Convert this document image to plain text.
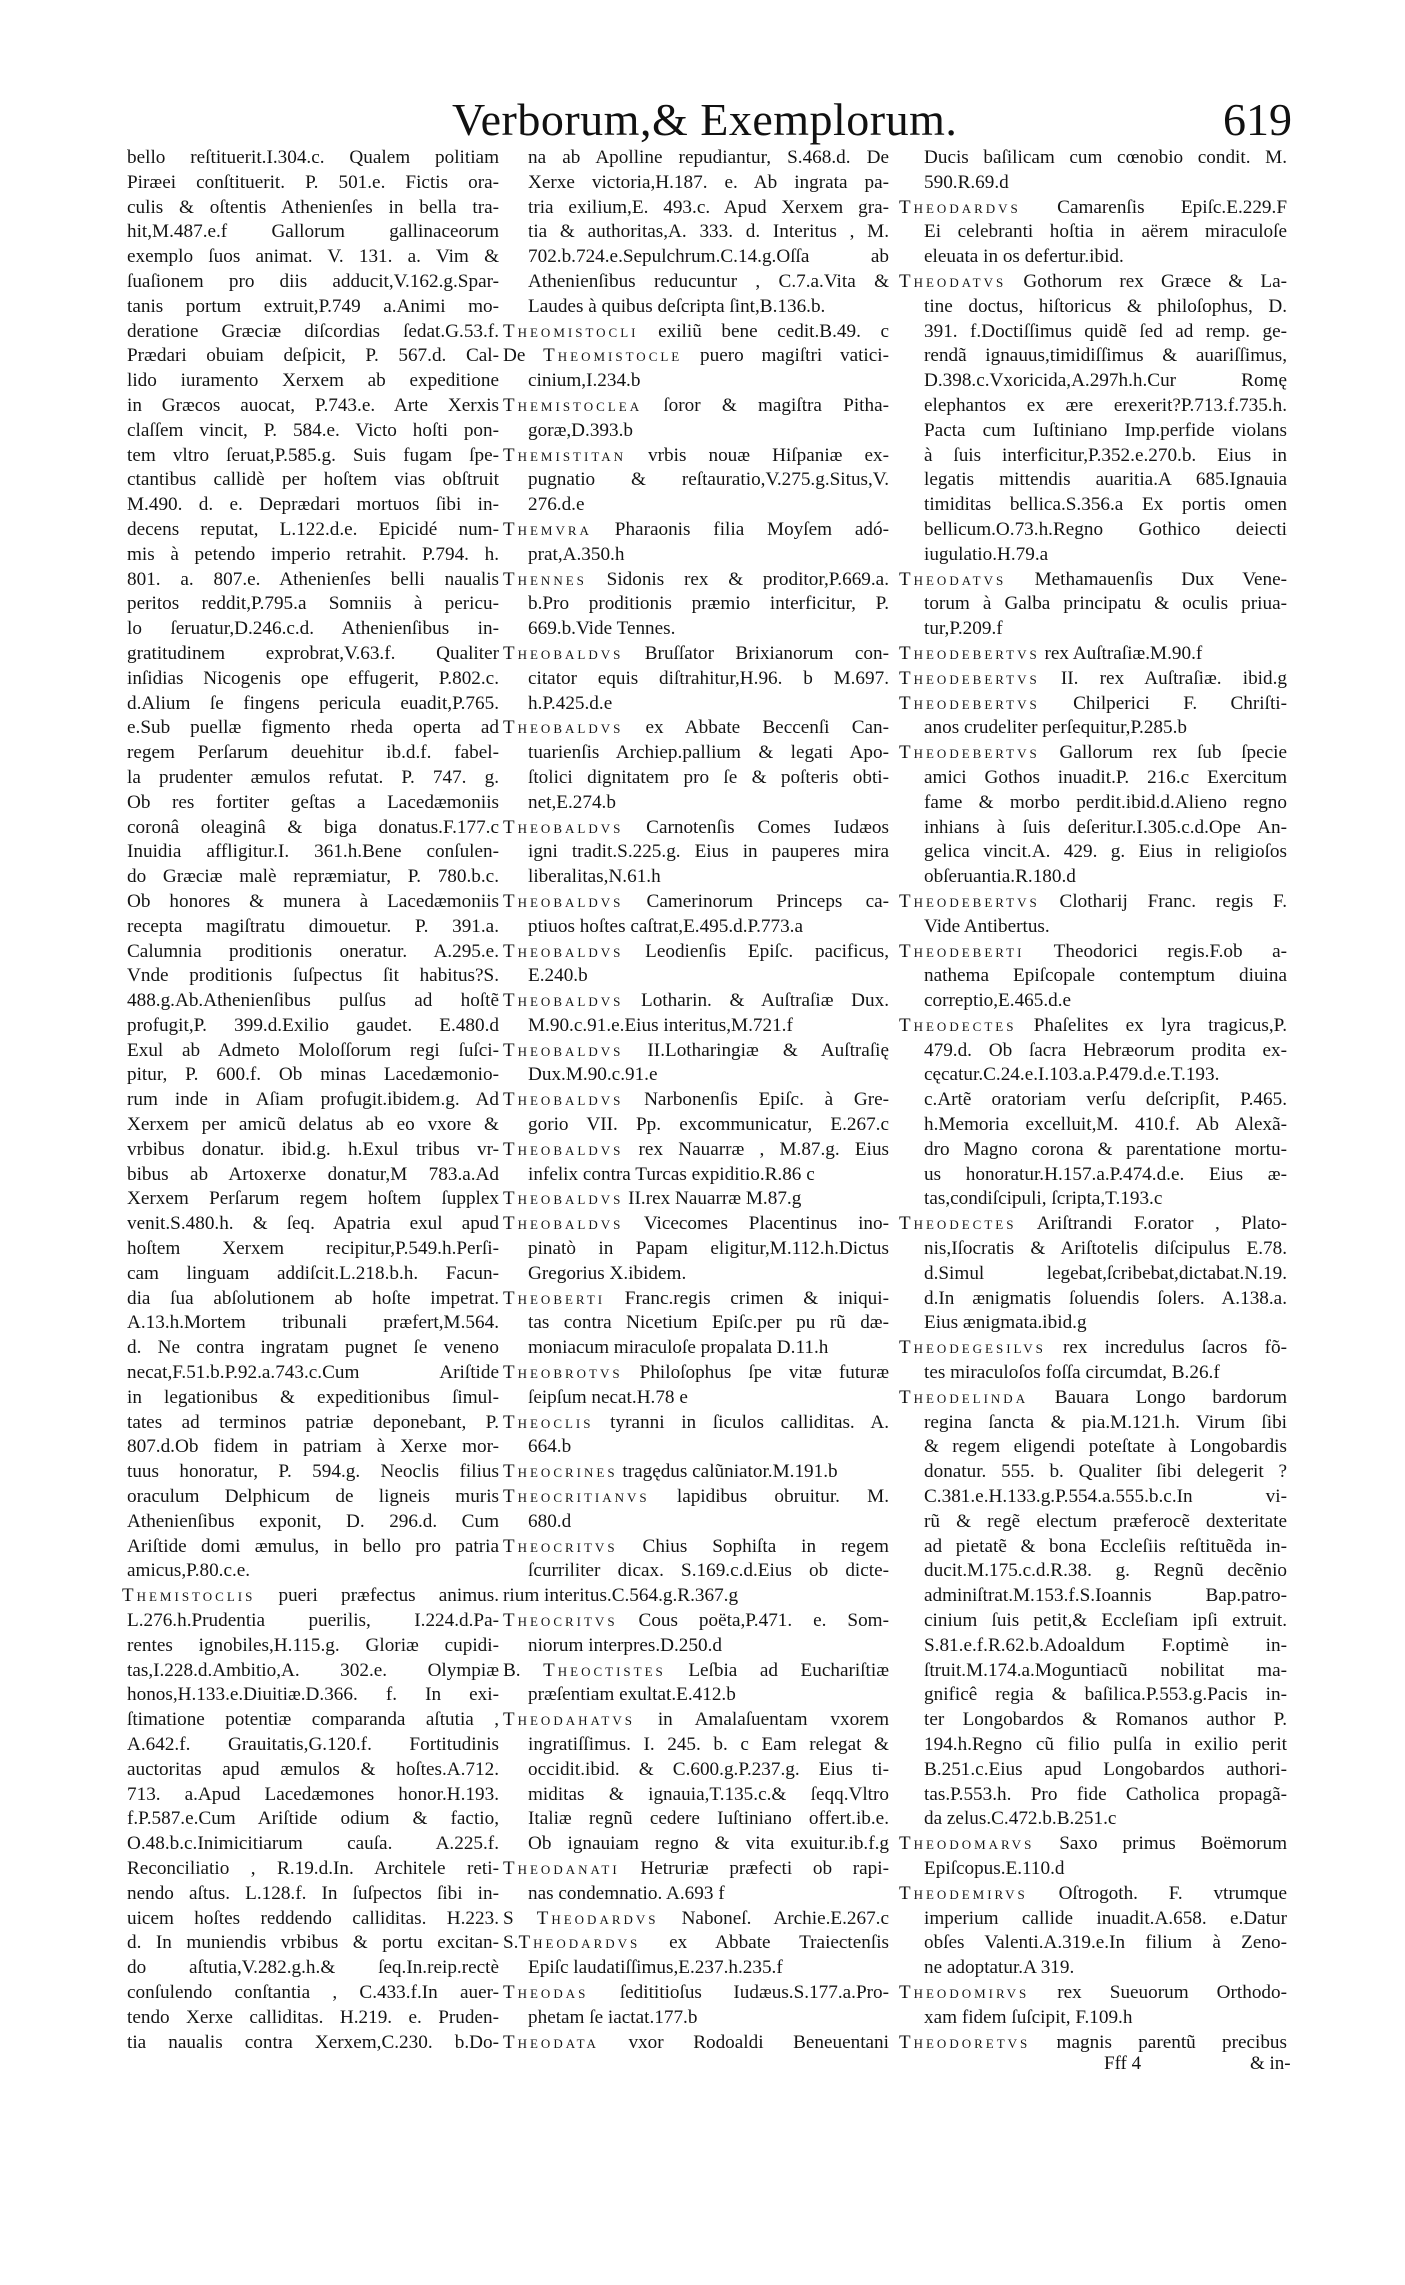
Verborum,& Exemplorum.	619
bello reſtituerit.I.304.c. Qualem politiam
Piræei conſtituerit. P. 501.e. Fictis ora-
culis & oſtentis Athenienſes in bella tra-
hit,M.487.e.f Gallorum gallinaceorum
exemplo ſuos animat. V. 131. a. Vim &
ſuaſionem pro diis adducit,V.162.g.Spar-
tanis portum extruit,P.749 a.Animi mo-
deratione Græciæ diſcordias ſedat.G.53.f.
Prædari obuiam deſpicit, P. 567.d. Cal-
lido iuramento Xerxem ab expeditione
in Græcos auocat, P.743.e. Arte Xerxis
claſſem vincit, P. 584.e. Victo hoſti pon-
tem vltro ſeruat,P.585.g. Suis fugam ſpe-
ctantibus callidè per hoſtem vias obſtruit
M.490. d. e. Deprædari mortuos ſibi in-
decens reputat, L.122.d.e. Epicidé num-
mis à petendo imperio retrahit. P.794. h.
801. a. 807.e. Athenienſes belli naualis
peritos reddit,P.795.a Somniis à pericu-
lo ſeruatur,D.246.c.d. Athenienſibus in-
gratitudinem exprobrat,V.63.f. Qualiter
inſidias Nicogenis ope effugerit, P.802.c.
d.Alium ſe fingens pericula euadit,P.765.
e.Sub puellæ figmento rheda operta ad
regem Perſarum deuehitur ib.d.f. fabel-
la prudenter æmulos refutat. P. 747. g.
Ob res fortiter geſtas a Lacedæmoniis
coronâ oleaginâ & biga donatus.F.177.c
Inuidia affligitur.I. 361.h.Bene conſulen-
do Græciæ malè repræmiatur, P. 780.b.c.
Ob honores & munera à Lacedæmoniis
recepta magiſtratu dimouetur. P. 391.a.
Calumnia proditionis oneratur. A.295.e.
Vnde proditionis ſuſpectus ſit habitus?S.
488.g.Ab.Athenienſibus pulſus ad hoſtẽ
profugit,P. 399.d.Exilio gaudet. E.480.d
Exul ab Admeto Moloſſorum regi ſuſci-
pitur, P. 600.f. Ob minas Lacedæmonio-
rum inde in Aſiam profugit.ibidem.g. Ad
Xerxem per amicũ delatus ab eo vxore &
vrbibus donatur. ibid.g. h.Exul tribus vr-
bibus ab Artoxerxe donatur,M 783.a.Ad
Xerxem Perſarum regem hoſtem ſupplex
venit.S.480.h. & ſeq. Apatria exul apud
hoſtem Xerxem recipitur,P.549.h.Perſi-
cam linguam addiſcit.L.218.b.h. Facun-
dia ſua abſolutionem ab hoſte impetrat.
A.13.h.Mortem tribunali præfert,M.564.
d. Ne contra ingratam pugnet ſe veneno
necat,F.51.b.P.92.a.743.c.Cum Ariſtide
in legationibus & expeditionibus ſimul-
tates ad terminos patriæ deponebant, P.
807.d.Ob fidem in patriam à Xerxe mor-
tuus honoratur, P. 594.g. Neoclis filius
oraculum Delphicum de ligneis muris
Athenienſibus exponit, D. 296.d. Cum
Ariſtide domi æmulus, in bello pro patria
amicus,P.80.c.e.
Themistoclis pueri præfectus animus.
L.276.h.Prudentia puerilis, I.224.d.Pa-
rentes ignobiles,H.115.g. Gloriæ cupidi-
tas,I.228.d.Ambitio,A. 302.e. Olympiæ
honos,H.133.e.Diuitiæ.D.366. f. In exi-
ſtimatione potentiæ comparanda aſtutia ,
A.642.f. Grauitatis,G.120.f. Fortitudinis
auctoritas apud æmulos & hoſtes.A.712.
713. a.Apud Lacedæmones honor.H.193.
f.P.587.e.Cum Ariſtide odium & factio,
O.48.b.c.Inimicitiarum cauſa. A.225.f.
Reconciliatio , R.19.d.In. Architele reti-
nendo aſtus. L.128.f. In ſuſpectos ſibi in-
uicem hoſtes reddendo calliditas. H.223.
d. In muniendis vrbibus & portu excitan-
do aſtutia,V.282.g.h.& ſeq.In.reip.rectè
conſulendo conſtantia , C.433.f.In auer-
tendo Xerxe calliditas. H.219. e. Pruden-
tia naualis contra Xerxem,C.230. b.Do-
na ab Apolline repudiantur, S.468.d. De
Xerxe victoria,H.187. e. Ab ingrata pa-
tria exilium,E. 493.c. Apud Xerxem gra-
tia & authoritas,A. 333. d. Interitus , M.
702.b.724.e.Sepulchrum.C.14.g.Oſſa ab
Athenienſibus reducuntur , C.7.a.Vita &
Laudes à quibus deſcripta ſint,B.136.b.
Theomistocli exiliũ bene cedit.B.49. c
De Theomistocle puero magiſtri vatici-
cinium,I.234.b
Themistoclea ſoror & magiſtra Pitha-
goræ,D.393.b
Themistitan vrbis nouæ Hiſpaniæ ex-
pugnatio & reſtauratio,V.275.g.Situs,V.
276.d.e
Themvra Pharaonis filia Moyſem adó-
prat,A.350.h
Thennes Sidonis rex & proditor,P.669.a.
b.Pro proditionis præmio interficitur, P.
669.b.Vide Tennes.
Theobaldvs Bruſſator Brixianorum con-
citator equis diſtrahitur,H.96. b M.697.
h.P.425.d.e
Theobaldvs ex Abbate Beccenſi Can-
tuarienſis Archiep.pallium & legati Apo-
ſtolici dignitatem pro ſe & poſteris obti-
net,E.274.b
Theobaldvs Carnotenſis Comes Iudæos
igni tradit.S.225.g. Eius in pauperes mira
liberalitas,N.61.h
Theobaldvs Camerinorum Princeps ca-
ptiuos hoſtes caſtrat,E.495.d.P.773.a
Theobaldvs Leodienſis Epiſc. pacificus,
E.240.b
Theobaldvs Lotharin. & Auſtraſiæ Dux.
M.90.c.91.e.Eius interitus,M.721.f
Theobaldvs II.Lotharingiæ & Auſtraſię
Dux.M.90.c.91.e
Theobaldvs Narbonenſis Epiſc. à Gre-
gorio VII. Pp. excommunicatur, E.267.c
Theobaldvs rex Nauarræ , M.87.g. Eius
infelix contra Turcas expiditio.R.86 c
Theobaldvs II.rex Nauarræ M.87.g
Theobaldvs Vicecomes Placentinus ino-
pinatò in Papam eligitur,M.112.h.Dictus
Gregorius X.ibidem.
Theoberti Franc.regis crimen & iniqui-
tas contra Nicetium Epiſc.per pu rũ dæ-
moniacum miraculoſe propalata D.11.h
Theobrotvs Philoſophus ſpe vitæ futuræ
ſeipſum necat.H.78 e
Theoclis tyranni in ſiculos calliditas. A.
664.b
Theocrines tragędus calũniator.M.191.b
Theocritianvs lapidibus obruitur. M.
680.d
Theocritvs Chius Sophiſta in regem
ſcurriliter dicax. S.169.c.d.Eius ob dicte-
rium interitus.C.564.g.R.367.g
Theocritvs Cous poëta,P.471. e. Som-
niorum interpres.D.250.d
B. Theoctistes Leſbia ad Euchariſtiæ
præſentiam exultat.E.412.b
Theodahatvs in Amalaſuentam vxorem
ingratiſſimus. I. 245. b. c Eam relegat &
occidit.ibid. & C.600.g.P.237.g. Eius ti-
miditas & ignauia,T.135.c.& ſeqq.Vltro
Italiæ regnũ cedere Iuſtiniano offert.ib.e.
Ob ignauiam regno & vita exuitur.ib.f.g
Theodanati Hetruriæ præfecti ob rapi-
nas condemnatio. A.693 f
S Theodardvs Naboneſ. Archie.E.267.c
S.Theodardvs ex Abbate Traiectenſis
Epiſc laudatiſſimus,E.237.h.235.f
Theodas ſedititioſus Iudæus.S.177.a.Pro-
phetam ſe iactat.177.b
Theodata vxor Rodoaldi Beneuentani
Ducis baſilicam cum cœnobio condit. M.
590.R.69.d
Theodardvs Camarenſis Epiſc.E.229.F
Ei celebranti hoſtia in aërem miraculoſe
eleuata in os defertur.ibid.
Theodatvs Gothorum rex Græce & La-
tine doctus, hiſtoricus & philoſophus, D.
391. f.Doctiſſimus quidẽ ſed ad remp. ge-
rendã ignauus,timidiſſimus & auariſſimus,
D.398.c.Vxoricida,A.297h.h.Cur Romę
elephantos ex ære erexerit?P.713.f.735.h.
Pacta cum Iuſtiniano Imp.perfide violans
à ſuis interficitur,P.352.e.270.b. Eius in
legatis mittendis auaritia.A 685.Ignauia
timiditas bellica.S.356.a Ex portis omen
bellicum.O.73.h.Regno Gothico deiecti
iugulatio.H.79.a
Theodatvs Methamauenſis Dux Vene-
torum à Galba principatu & oculis priua-
tur,P.209.f
Theodebertvs rex Auſtraſiæ.M.90.f
Theodebertvs II. rex Auſtraſiæ. ibid.g
Theodebertvs Chilperici F. Chriſti-
anos crudeliter perſequitur,P.285.b
Theodebertvs Gallorum rex ſub ſpecie
amici Gothos inuadit.P. 216.c Exercitum
fame & morbo perdit.ibid.d.Alieno regno
inhians à ſuis deſeritur.I.305.c.d.Ope An-
gelica vincit.A. 429. g. Eius in religioſos
obſeruantia.R.180.d
Theodebertvs Clotharij Franc. regis F.
Vide Antibertus.
Theodeberti Theodorici regis.F.ob a-
nathema Epiſcopale contemptum diuina
correptio,E.465.d.e
Theodectes Phaſelites ex lyra tragicus,P.
479.d. Ob ſacra Hebræorum prodita ex-
cęcatur.C.24.e.I.103.a.P.479.d.e.T.193.
c.Artẽ oratoriam verſu deſcripſit, P.465.
h.Memoria excelluit,M. 410.f. Ab Alexã-
dro Magno corona & parentatione mortu-
us honoratur.H.157.a.P.474.d.e. Eius æ-
tas,condiſcipuli, ſcripta,T.193.c
Theodectes Ariſtrandi F.orator , Plato-
nis,Iſocratis & Ariſtotelis diſcipulus E.78.
d.Simul legebat,ſcribebat,dictabat.N.19.
d.In ænigmatis ſoluendis ſolers. A.138.a.
Eius ænigmata.ibid.g
Theodegesilvs rex incredulus ſacros fõ-
tes miraculoſos foſſa circumdat, B.26.f
Theodelinda Bauara Longo bardorum
regina ſancta & pia.M.121.h. Virum ſibi
& regem eligendi poteſtate à Longobardis
donatur. 555. b. Qualiter ſibi delegerit ?
C.381.e.H.133.g.P.554.a.555.b.c.In vi-
rũ & regẽ electum præferocẽ dexteritate
ad pietatẽ & bona Eccleſiis reſtituẽda in-
ducit.M.175.c.d.R.38. g. Regnũ decẽnio
adminiſtrat.M.153.f.S.Ioannis Bap.patro-
cinium ſuis petit,& Eccleſiam ipſi extruit.
S.81.e.f.R.62.b.Adoaldum F.optimè in-
ſtruit.M.174.a.Moguntiacũ nobilitat ma-
gnificê regia & baſilica.P.553.g.Pacis in-
ter Longobardos & Romanos author P.
194.h.Regno cũ filio pulſa in exilio perit
B.251.c.Eius apud Longobardos authori-
tas.P.553.h. Pro fide Catholica propagã-
da zelus.C.472.b.B.251.c
Theodomarvs Saxo primus Boëmorum
Epiſcopus.E.110.d
Theodemirvs Oſtrogoth. F. vtrumque
imperium callide inuadit.A.658. e.Datur
obſes Valenti.A.319.e.In filium à Zeno-
ne adoptatur.A 319.
Theodomirvs rex Sueuorum Orthodo-
xam fidem ſuſcipit, F.109.h
Theodoretvs magnis parentũ precibus
Fff 4	& in-
